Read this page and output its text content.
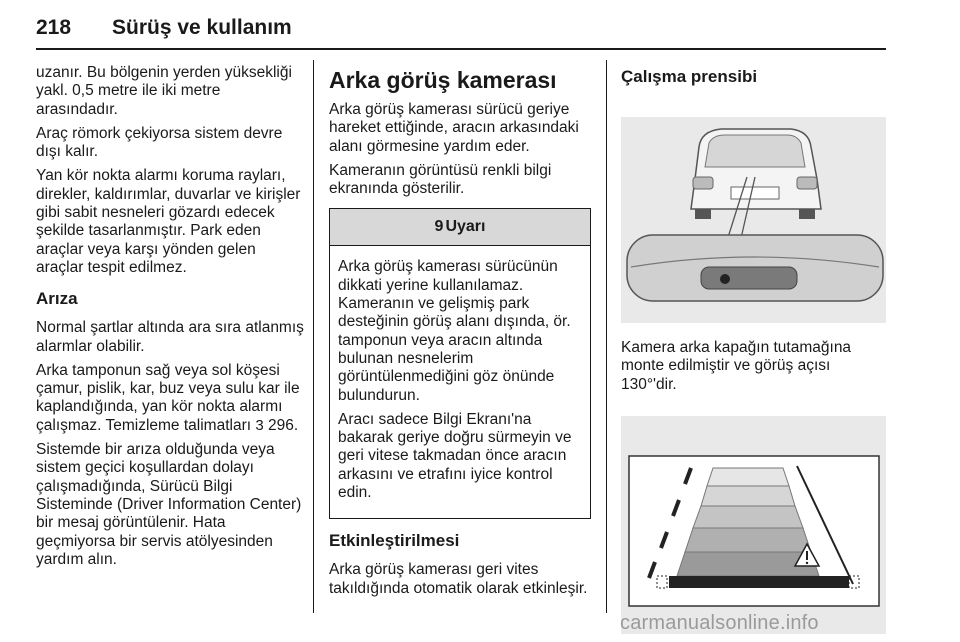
218 Sürüş ve kullanım

uzanır. Bu bölgenin yerden yüksekliği yakl. 0,5 metre ile iki metre arasındadır.

Araç römork çekiyorsa sistem devre dışı kalır.

Yan kör nokta alarmı koruma rayları, direkler, kaldırımlar, duvarlar ve kirişler gibi sabit nesneleri gözardı edecek şekilde tasarlanmıştır. Park eden araçlar veya karşı yönden gelen araçlar tespit edilmez.

Arıza

Normal şartlar altında ara sıra atlanmış alarmlar olabilir.

Arka tamponun sağ veya sol köşesi çamur, pislik, kar, buz veya sulu kar ile kaplandığında, yan kör nokta alarmı çalışmaz. Temizleme talimatları 3 296.

Sistemde bir arıza olduğunda veya sistem geçici koşullardan dolayı çalışmadığında, Sürücü Bilgi Sisteminde (Driver Information Center) bir mesaj görüntülenir. Hata geçmiyorsa bir servis atölyesinden yardım alın.

Arka görüş kamerası

Arka görüş kamerası sürücü geriye hareket ettiğinde, aracın arkasındaki alanı görmesine yardım eder.

Kameranın görüntüsü renkli bilgi ekranında gösterilir.

9 Uyarı

Arka görüş kamerası sürücünün dikkati yerine kullanılamaz. Kameranın ve gelişmiş park desteğinin görüş alanı dışında, ör. tamponun veya aracın altında bulunan nesnelerim görüntülenmediğini göz önünde bulundurun.

Aracı sadece Bilgi Ekranı'na bakarak geriye doğru sürmeyin ve geri vitese takmadan önce aracın arkasını ve etrafını iyice kontrol edin.

Etkinleştirilmesi

Arka görüş kamerası geri vites takıldığında otomatik olarak etkinleşir.

Çalışma prensibi

Kamera arka kapağın tutamağına monte edilmiştir ve görüş açısı 130°'dir.

carmanualsonline.info
